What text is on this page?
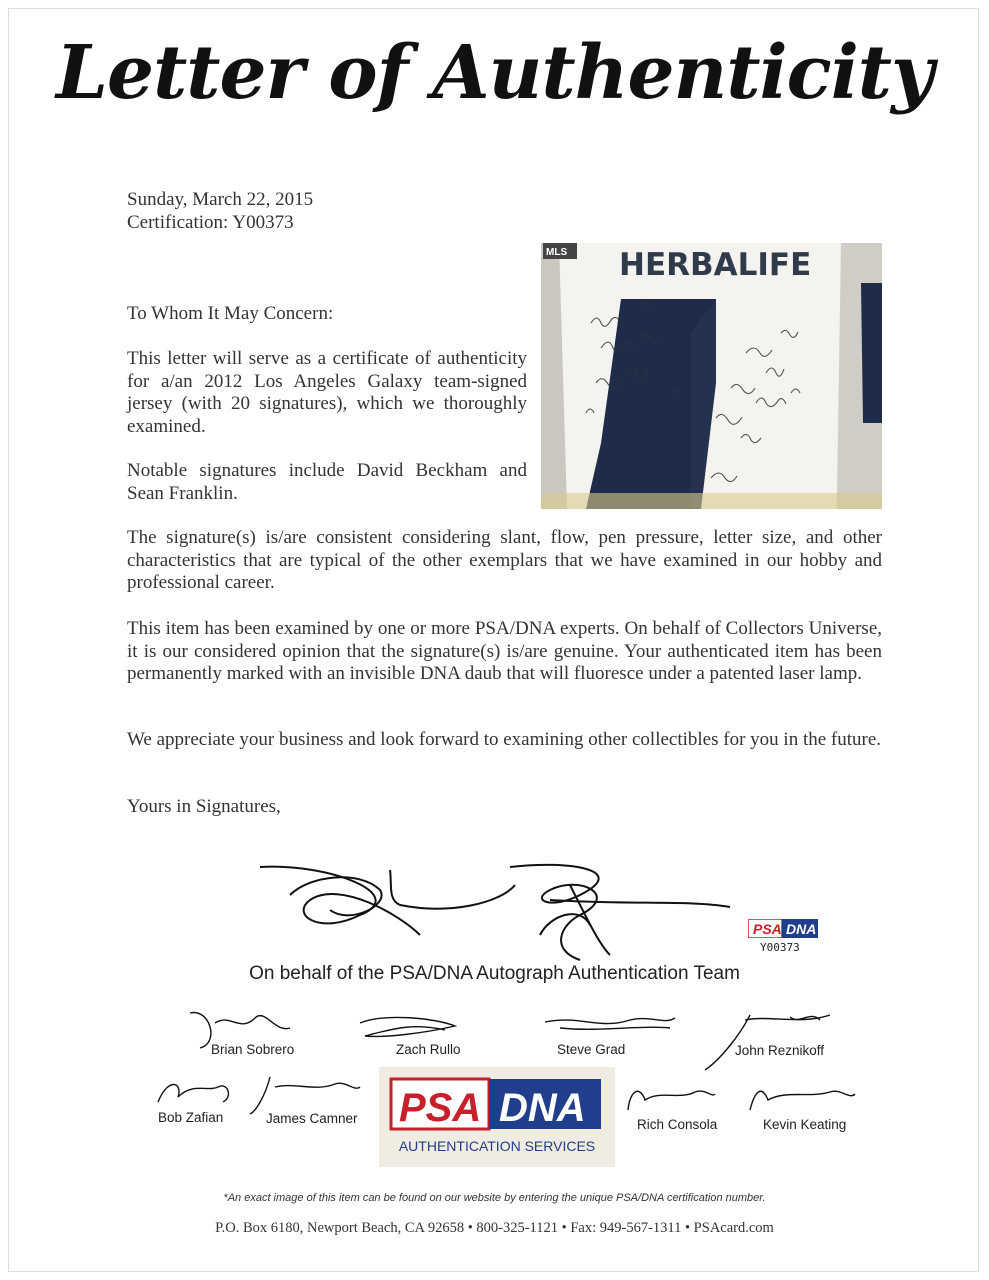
Letter of Authenticity
Sunday, March 22, 2015
Certification: Y00373

To Whom It May Concern:

This letter will serve as a certificate of authenticity for a/an 2012 Los Angeles Galaxy team-signed jersey (with 20 signatures), which we thoroughly examined.

Notable signatures include David Beckham and Sean Franklin.

The signature(s) is/are consistent considering slant, flow, pen pressure, letter size, and other characteristics that are typical of the other exemplars that we have examined in our hobby and professional career.

This item has been examined by one or more PSA/DNA experts. On behalf of Collectors Universe, it is our considered opinion that the signature(s) is/are genuine. Your authenticated item has been permanently marked with an invisible DNA daub that will fluoresce under a patented laser lamp.

We appreciate your business and look forward to examining other collectibles for you in the future.

Yours in Signatures,

MLS HERBALIFE
PSA DNA
Y00373
On behalf of the PSA/DNA Autograph Authentication Team
Brian Sobrero	Zach Rullo	Steve Grad	John Reznikoff
Bob Zafian	James Camner	Rich Consola	Kevin Keating
PSA DNA
AUTHENTICATION SERVICES
*An exact image of this item can be found on our website by entering the unique PSA/DNA certification number.
P.O. Box 6180, Newport Beach, CA 92658 • 800-325-1121 • Fax: 949-567-1311 • PSAcard.com
